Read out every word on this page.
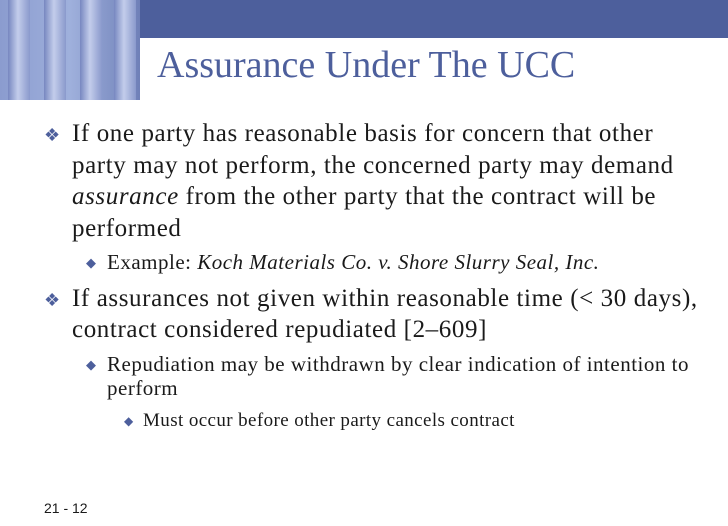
Assurance Under The UCC
❖ If one party has reasonable basis for concern that other party may not perform, the concerned party may demand assurance from the other party that the contract will be performed
◆ Example: Koch Materials Co. v. Shore Slurry Seal, Inc.
❖ If assurances not given within reasonable time (< 30 days), contract considered repudiated [2–609]
◆ Repudiation may be withdrawn by clear indication of intention to perform
◆ Must occur before other party cancels contract
21 - 12
